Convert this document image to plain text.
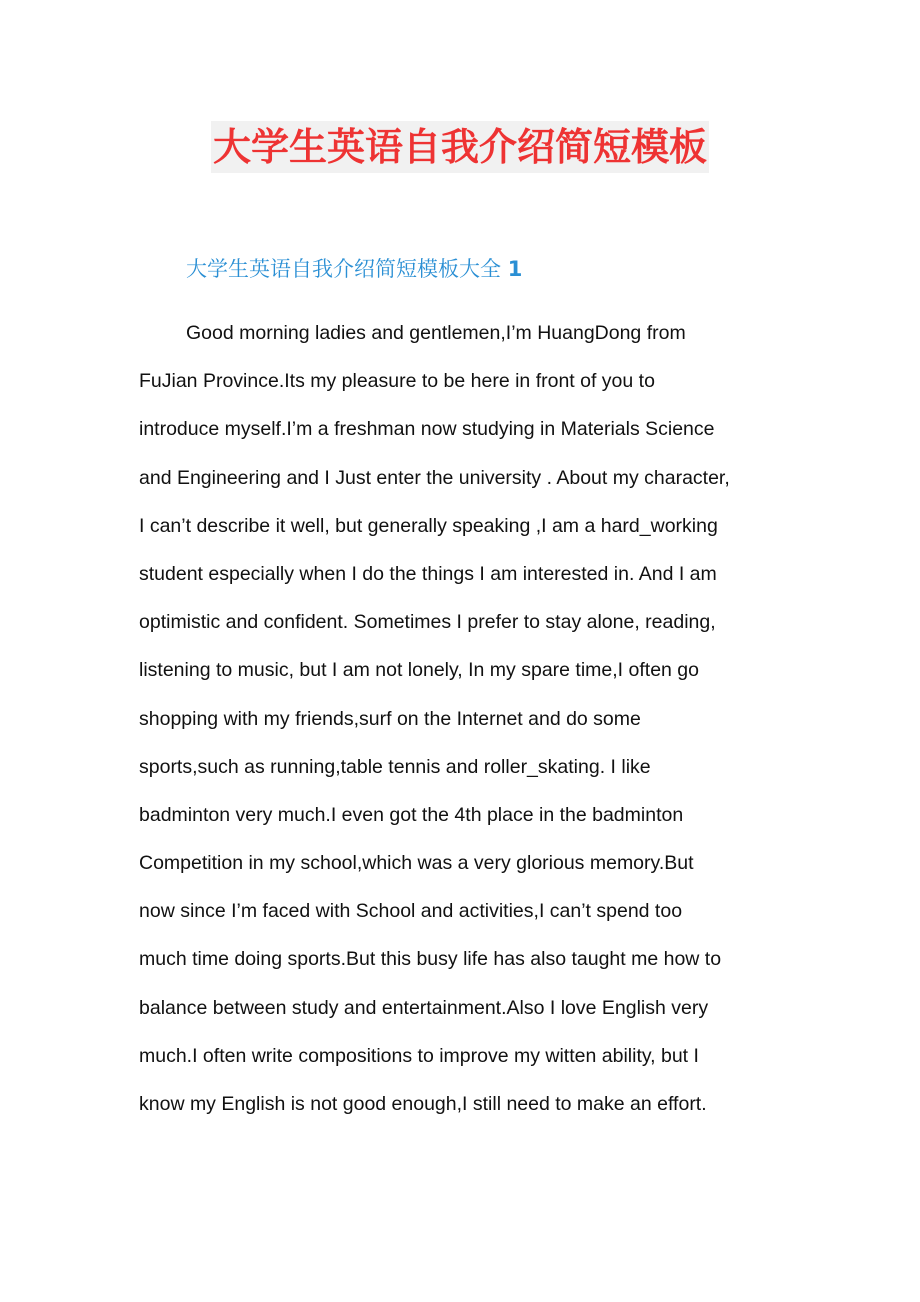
大学生英语自我介绍简短模板
大学生英语自我介绍简短模板大全 1
Good morning ladies and gentlemen,I’m HuangDong from
FuJian Province.Its my pleasure to be here in front of you to
introduce myself.I’m a freshman now studying in Materials Science
and Engineering and I Just enter the university . About my character,
I can’t describe it well, but generally speaking ,I am a hard_working
student especially when I do the things I am interested in. And I am
optimistic and confident. Sometimes I prefer to stay alone, reading,
listening to music, but I am not lonely, In my spare time,I often go
shopping with my friends,surf on the Internet and do some
sports,such as running,table tennis and roller_skating. I like
badminton very much.I even got the 4th place in the badminton
Competition in my school,which was a very glorious memory.But
now since I’m faced with School and activities,I can’t spend too
much time doing sports.But this busy life has also taught me how to
balance between study and entertainment.Also I love English very
much.I often write compositions to improve my witten ability, but I
know my English is not good enough,I still need to make an effort.
